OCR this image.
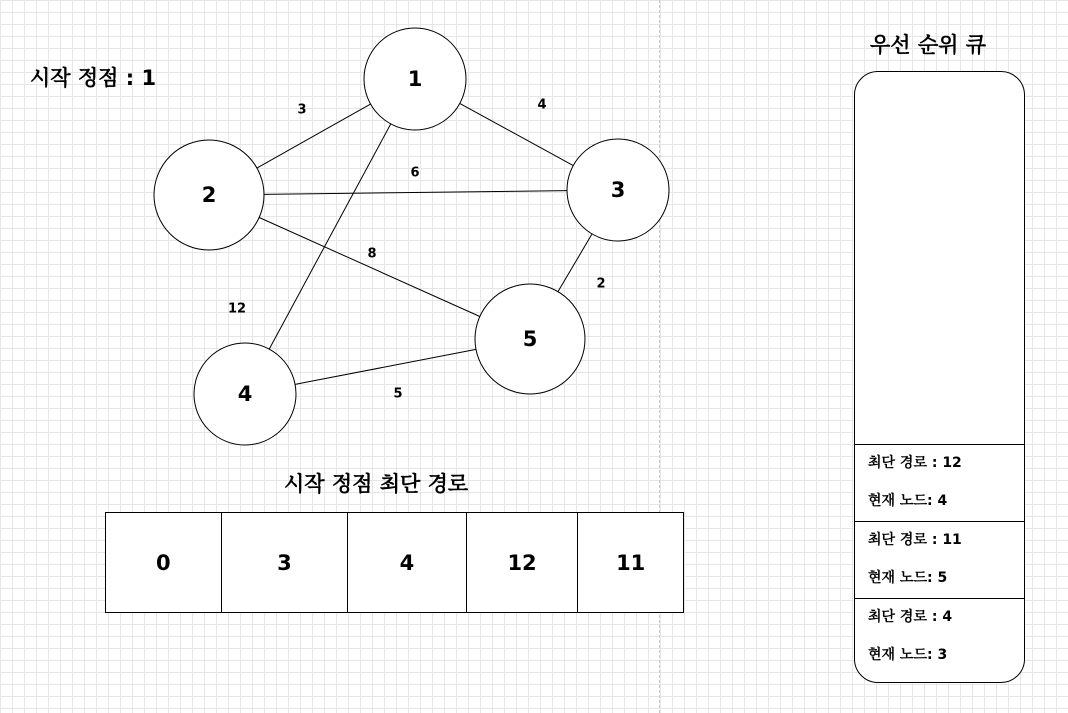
시작 정점 : 1	1
2	3
4
5
3	4
6
8
12
2
5
시작 정점 최단 경로
0	3	4	12	11
우선 순위 큐
최단 경로 : 12
현재 노드: 4
최단 경로 : 11
현재 노드: 5
최단 경로 : 4
현재 노드: 3
